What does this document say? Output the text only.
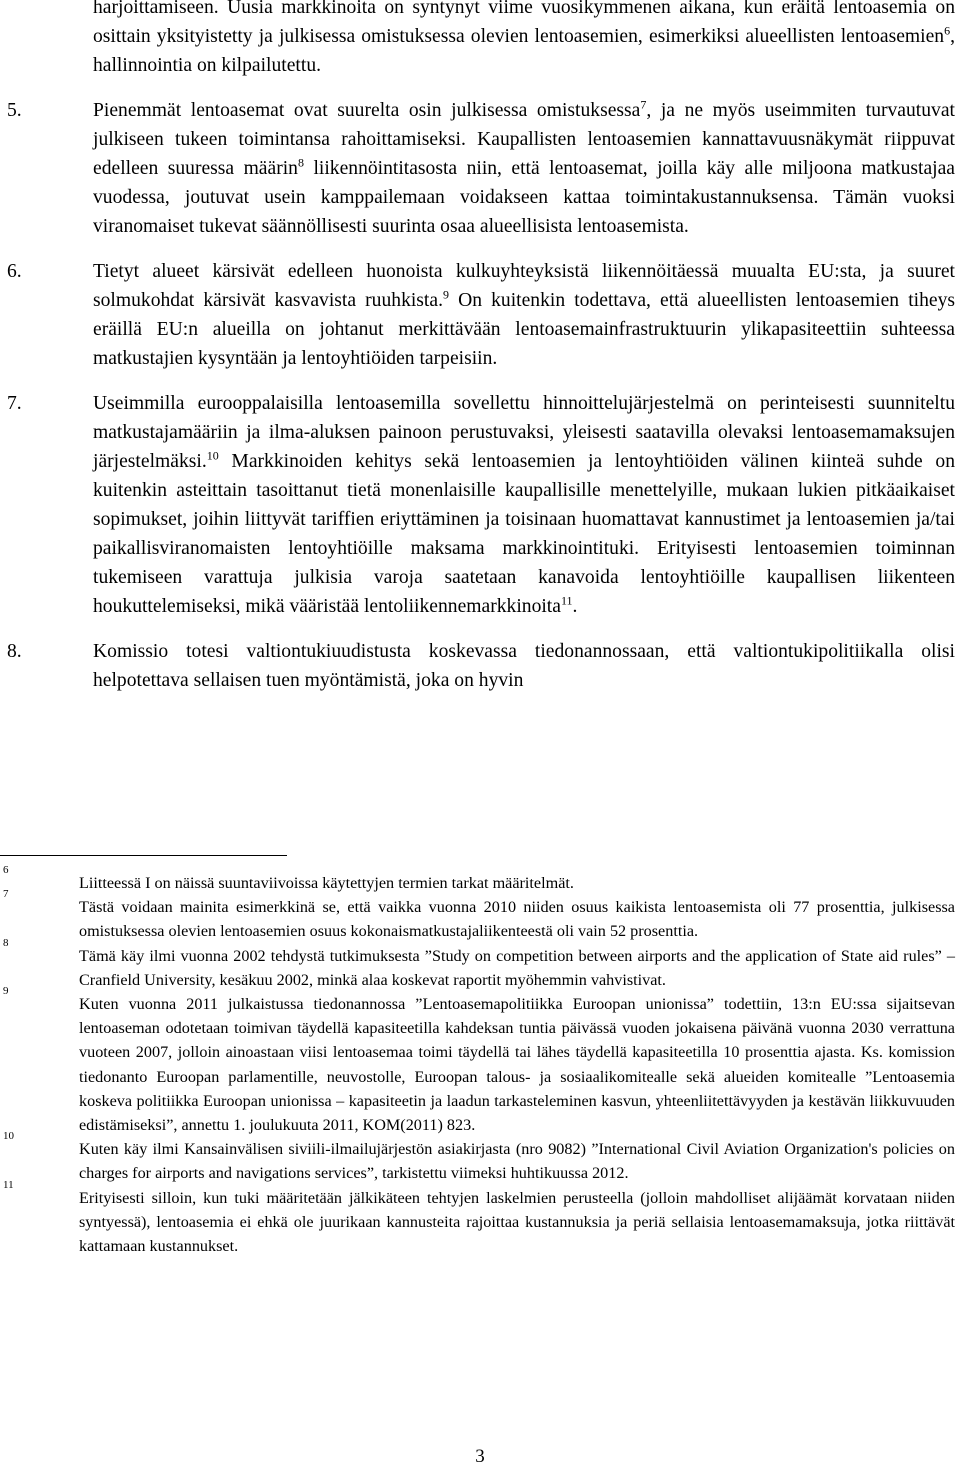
harjoittamiseen. Uusia markkinoita on syntynyt viime vuosikymmenen aikana, kun eräitä lentoasemia on osittain yksityistetty ja julkisessa omistuksessa olevien lentoasemien, esimerkiksi alueellisten lentoasemien$^6$, hallinnointia on kilpailutettu.

5.	Pienemmät lentoasemat ovat suurelta osin julkisessa omistuksessa$^7$, ja ne myös useimmiten turvautuvat julkiseen tukeen toimintansa rahoittamiseksi. Kaupallisten lentoasemien kannattavuusnäkymät riippuvat edelleen suuressa määrin$^8$ liikennöintitasosta niin, että lentoasemat, joilla käy alle miljoona matkustajaa vuodessa, joutuvat usein kamppailemaan voidakseen kattaa toimintakustannuksensa. Tämän vuoksi viranomaiset tukevat säännöllisesti suurinta osaa alueellisista lentoasemista.

6.	Tietyt alueet kärsivät edelleen huonoista kulkuyhteyksistä liikennöitäessä muualta EU:sta, ja suuret solmukohdat kärsivät kasvavista ruuhkista.$^9$ On kuitenkin todettava, että alueellisten lentoasemien tiheys eräillä EU:n alueilla on johtanut merkittävään lentoasemainfrastruktuurin ylikapasiteettiin suhteessa matkustajien kysyntään ja lentoyhtiöiden tarpeisiin.

7.	Useimmilla eurooppalaisilla lentoasemilla sovellettu hinnoittelujärjestelmä on perinteisesti suunniteltu matkustajamääriin ja ilma-aluksen painoon perustuvaksi, yleisesti saatavilla olevaksi lentoasemamaksujen järjestelmäksi.$^{10}$ Markkinoiden kehitys sekä lentoasemien ja lentoyhtiöiden välinen kiinteä suhde on kuitenkin asteittain tasoittanut tietä monenlaisille kaupallisille menettelyille, mukaan lukien pitkäaikaiset sopimukset, joihin liittyvät tariffien eriyttäminen ja toisinaan huomattavat kannustimet ja lentoasemien ja/tai paikallisviranomaisten lentoyhtiöille maksama markkinointituki. Erityisesti lentoasemien toiminnan tukemiseen varattuja julkisia varoja saatetaan kanavoida lentoyhtiöille kaupallisen liikenteen houkuttelemiseksi, mikä vääristää lentoliikennemarkkinoita$^{11}$.

8.	Komissio totesi valtiontukiuudistusta koskevassa tiedonannossaan, että valtiontukipolitiikalla olisi helpotettava sellaisen tuen myöntämistä, joka on hyvin

6
Liitteessä I on näissä suuntaviivoissa käytettyjen termien tarkat määritelmät.
7
Tästä voidaan mainita esimerkkinä se, että vaikka vuonna 2010 niiden osuus kaikista lentoasemista oli 77 prosenttia, julkisessa omistuksessa olevien lentoasemien osuus kokonaismatkustajaliikenteestä oli vain 52 prosenttia.
8
Tämä käy ilmi vuonna 2002 tehdystä tutkimuksesta ”Study on competition between airports and the application of State aid rules” – Cranfield University, kesäkuu 2002, minkä alaa koskevat raportit myöhemmin vahvistivat.
9
Kuten vuonna 2011 julkaistussa tiedonannossa ”Lentoasemapolitiikka Euroopan unionissa” todettiin, 13:n EU:ssa sijaitsevan lentoaseman odotetaan toimivan täydellä kapasiteetilla kahdeksan tuntia päivässä vuoden jokaisena päivänä vuonna 2030 verrattuna vuoteen 2007, jolloin ainoastaan viisi lentoasemaa toimi täydellä tai lähes täydellä kapasiteetilla 10 prosenttia ajasta. Ks. komission tiedonanto Euroopan parlamentille, neuvostolle, Euroopan talous- ja sosiaalikomitealle sekä alueiden komitealle ”Lentoasemia koskeva politiikka Euroopan unionissa – kapasiteetin ja laadun tarkasteleminen kasvun, yhteenliitettävyyden ja kestävän liikkuvuuden edistämiseksi”, annettu 1. joulukuuta 2011, KOM(2011) 823.
10
Kuten käy ilmi Kansainvälisen siviili-ilmailujärjestön asiakirjasta (nro 9082) ”International Civil Aviation Organization's policies on charges for airports and navigations services”, tarkistettu viimeksi huhtikuussa 2012.
11
Erityisesti silloin, kun tuki määritetään jälkikäteen tehtyjen laskelmien perusteella (jolloin mahdolliset alijäämät korvataan niiden syntyessä), lentoasemia ei ehkä ole juurikaan kannusteita rajoittaa kustannuksia ja periä sellaisia lentoasemamaksuja, jotka riittävät kattamaan kustannukset.
3
